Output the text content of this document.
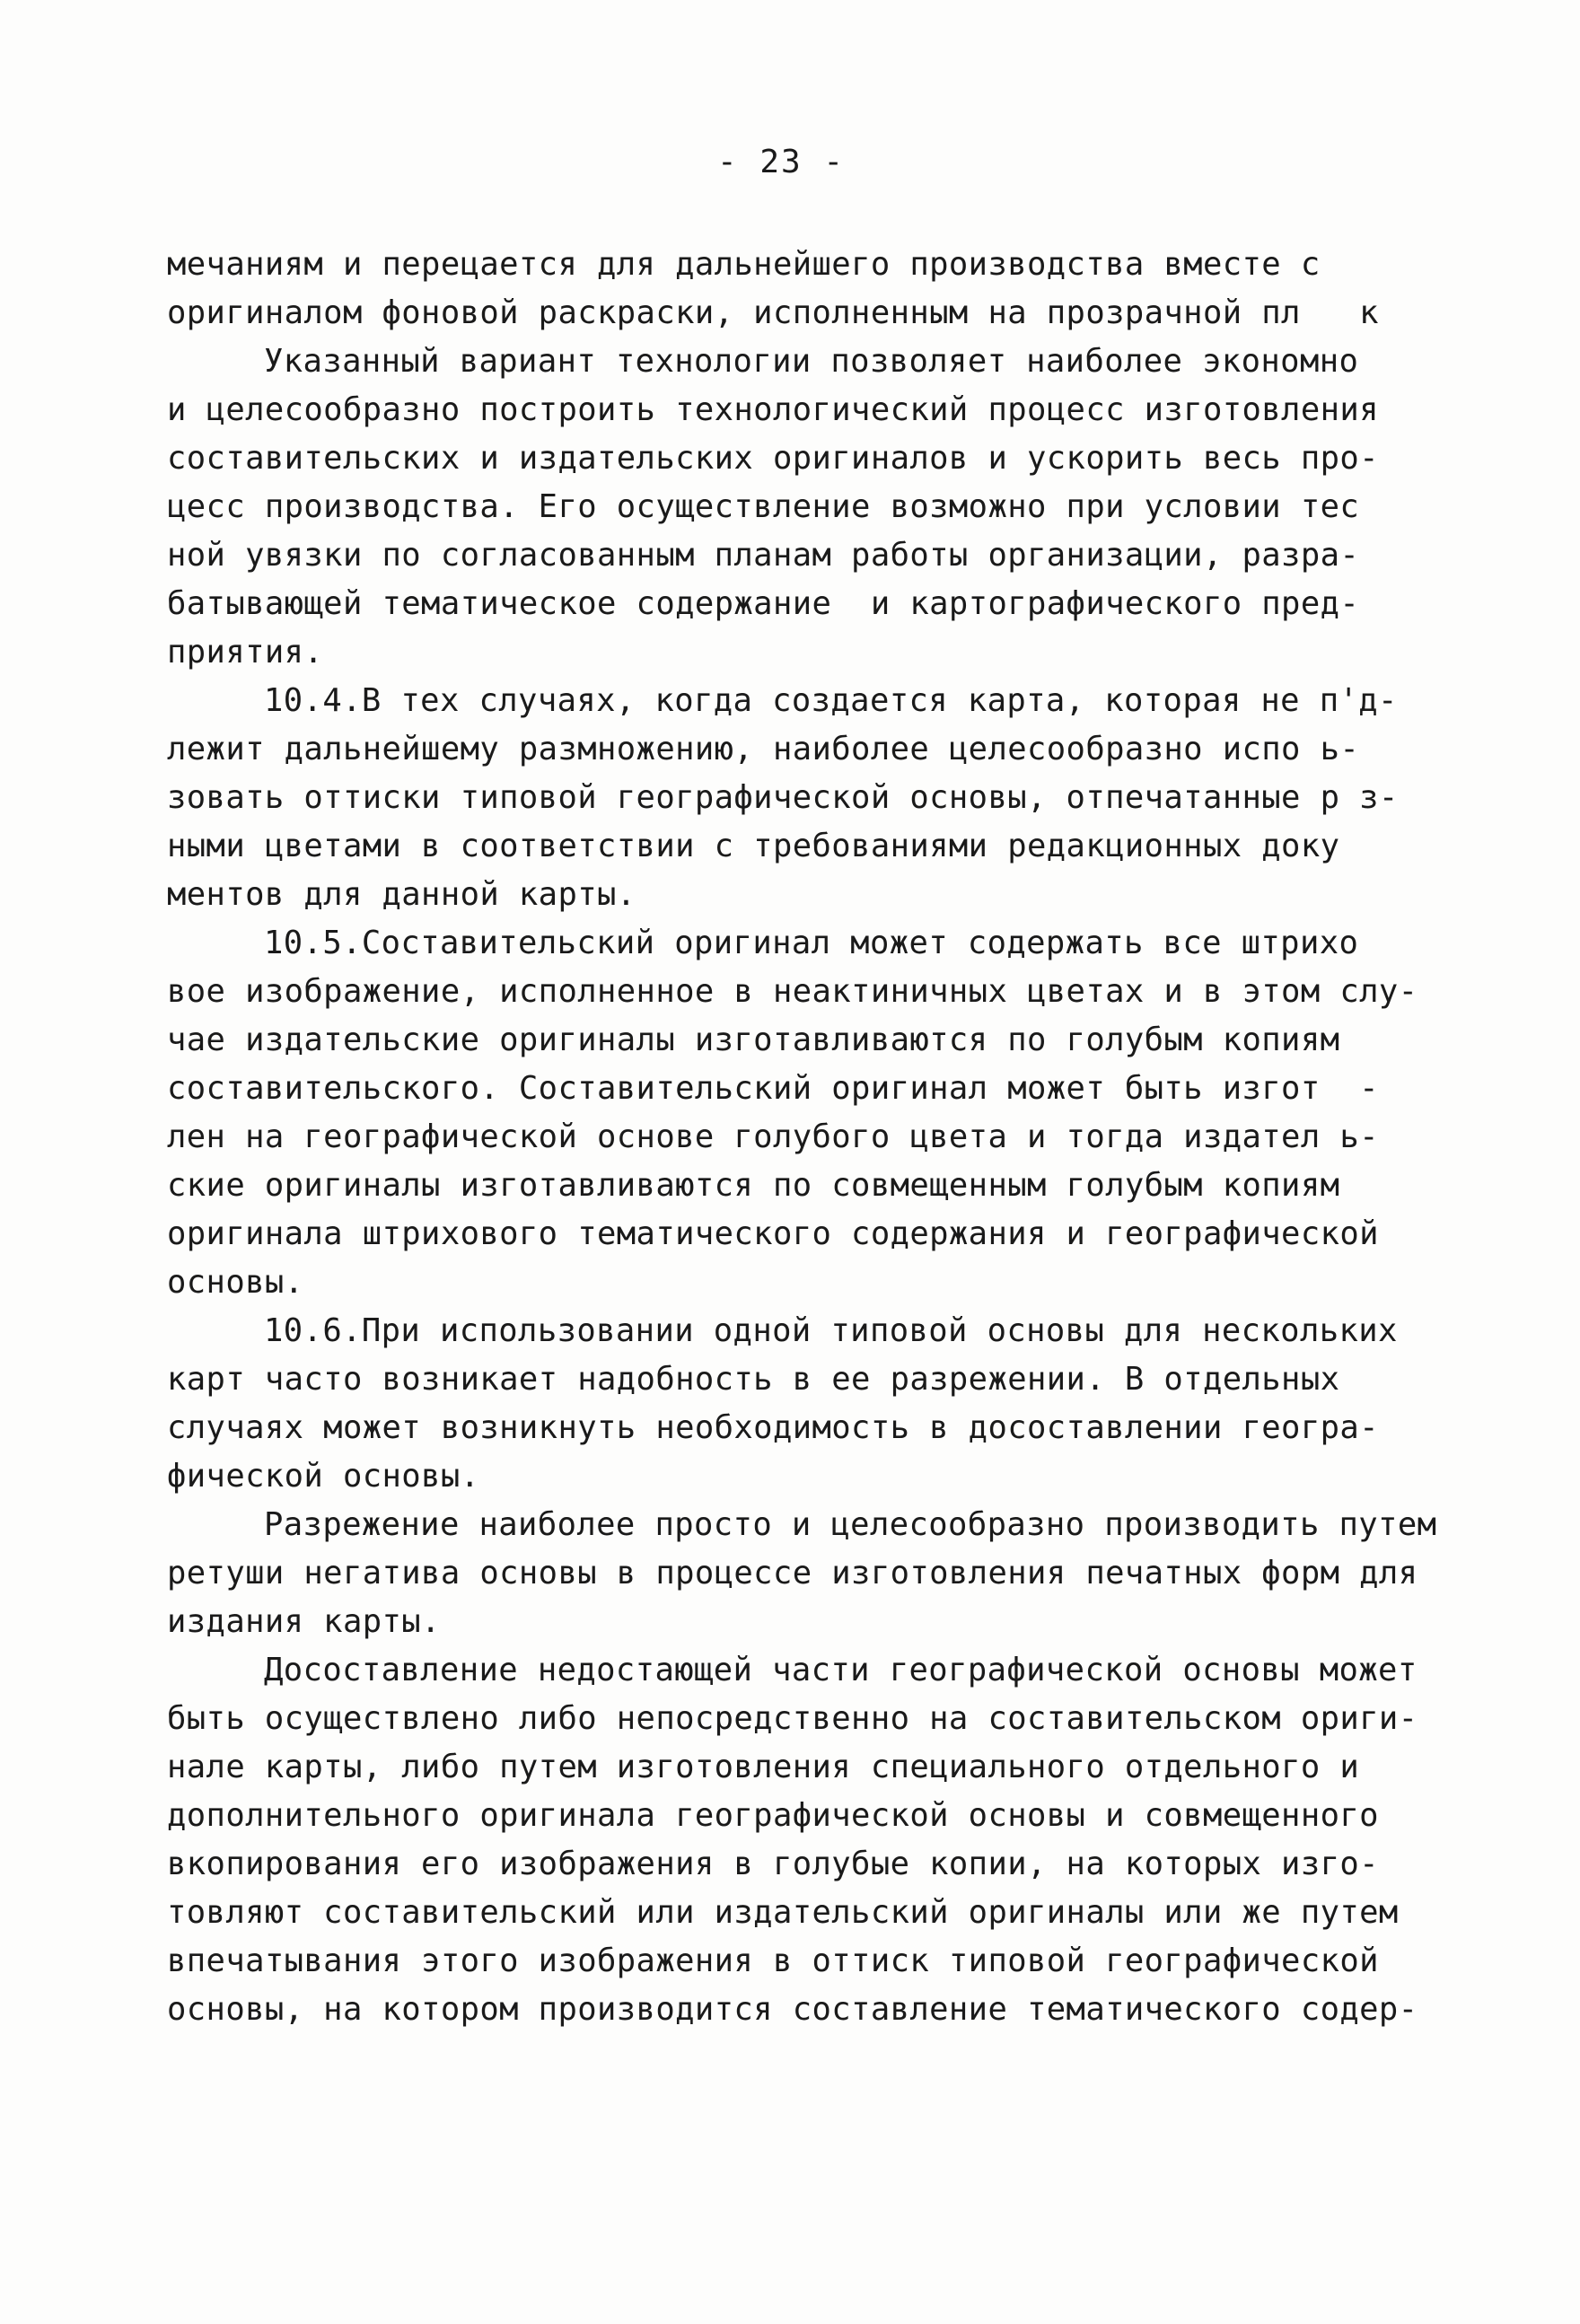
- 23 -
мечаниям и перецается для дальнейшего производства вместе с
оригиналом фоновой раскраски, исполненным на прозрачной пл   к
Указанный вариант технологии позволяет наиболее экономно
и целесообразно построить технологический процесс изготовления
составительских и издательских оригиналов и ускорить весь про-
цесс производства. Его осуществление возможно при условии тес
ной увязки по согласованным планам работы организации, разра-
батывающей тематическое содержание  и картографического пред-
приятия.
10.4.В тех случаях, когда создается карта, которая не п'д-
лежит дальнейшему размножению, наиболее целесообразно испо ь-
зовать оттиски типовой географической основы, отпечатанные р з-
ными цветами в соответствии с требованиями редакционных доку
ментов для данной карты.
10.5.Составительский оригинал может содержать все штрихо
вое изображение, исполненное в неактиничных цветах и в этом слу-
чае издательские оригиналы изготавливаются по голубым копиям
составительского. Составительский оригинал может быть изгот  -
лен на географической основе голубого цвета и тогда издател ь-
ские оригиналы изготавливаются по совмещенным голубым копиям
оригинала штрихового тематического содержания и географической
основы.
10.6.При использовании одной типовой основы для нескольких
карт часто возникает надобность в ее разрежении. В отдельных
случаях может возникнуть необходимость в досоставлении геогра-
фической основы.
Разрежение наиболее просто и целесообразно производить путем
ретуши негатива основы в процессе изготовления печатных форм для
издания карты.
Досоставление недостающей части географической основы может
быть осуществлено либо непосредственно на составительском ориги-
нале карты, либо путем изготовления специального отдельного и
дополнительного оригинала географической основы и совмещенного
вкопирования его изображения в голубые копии, на которых изго-
товляют составительский или издательский оригиналы или же путем
впечатывания этого изображения в оттиск типовой географической
основы, на котором производится составление тематического содер-
